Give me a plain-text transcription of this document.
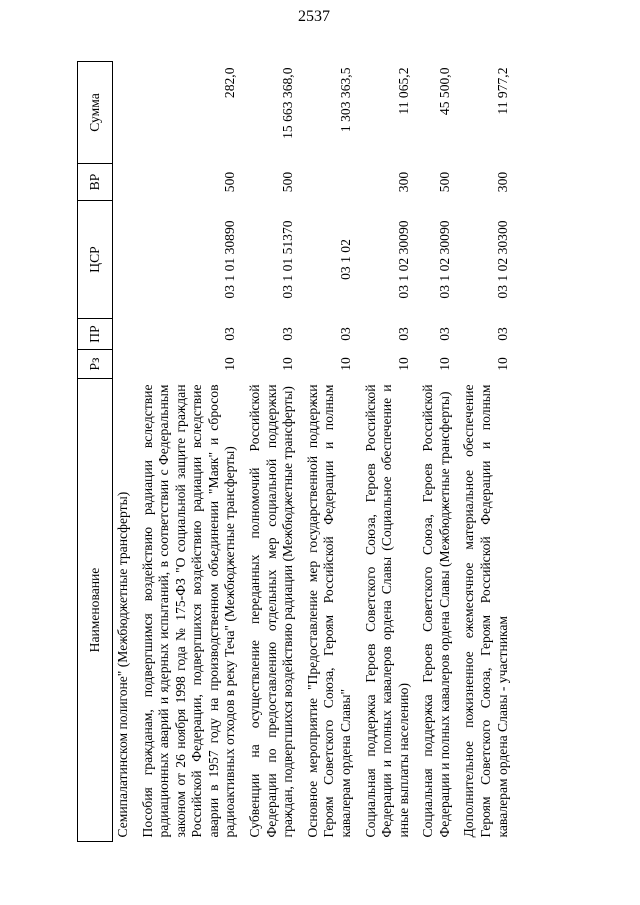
2537
Наименование	Рз	ПР	ЦСР	ВР	Сумма
Семипалатинском полигоне" (Межбюджетные трансферты)					
Пособия гражданам, подвергшимся воздействию радиации вследствие радиационных аварий и ядерных испытаний, в соответствии с Федеральным законом от 26 ноября 1998 года № 175-ФЗ "О социальной защите граждан Российской Федерации, подвергшихся воздействию радиации вследствие аварии в 1957 году на производственном объединении "Маяк" и сбросов радиоактивных отходов в реку Теча" (Межбюджетные трансферты)	10	03	03 1 01 30890	500	282,0
Субвенции на осуществление переданных полномочий Российской Федерации по предоставлению отдельных мер социальной поддержки граждан, подвергшихся воздействию радиации (Межбюджетные трансферты)	10	03	03 1 01 51370	500	15 663 368,0
Основное мероприятие "Предоставление мер государственной поддержки Героям Советского Союза, Героям Российской Федерации и полным кавалерам ордена Славы"	10	03	03 1 02		1 303 363,5
Социальная поддержка Героев Советского Союза, Героев Российской Федерации и полных кавалеров ордена Славы (Социальное обеспечение и иные выплаты населению)	10	03	03 1 02 30090	300	11 065,2
Социальная поддержка Героев Советского Союза, Героев Российской Федерации и полных кавалеров ордена Славы (Межбюджетные трансферты)	10	03	03 1 02 30090	500	45 500,0
Дополнительное пожизненное ежемесячное материальное обеспечение Героям Советского Союза, Героям Российской Федерации и полным кавалерам ордена Славы - участникам	10	03	03 1 02 30300	300	11 977,2
